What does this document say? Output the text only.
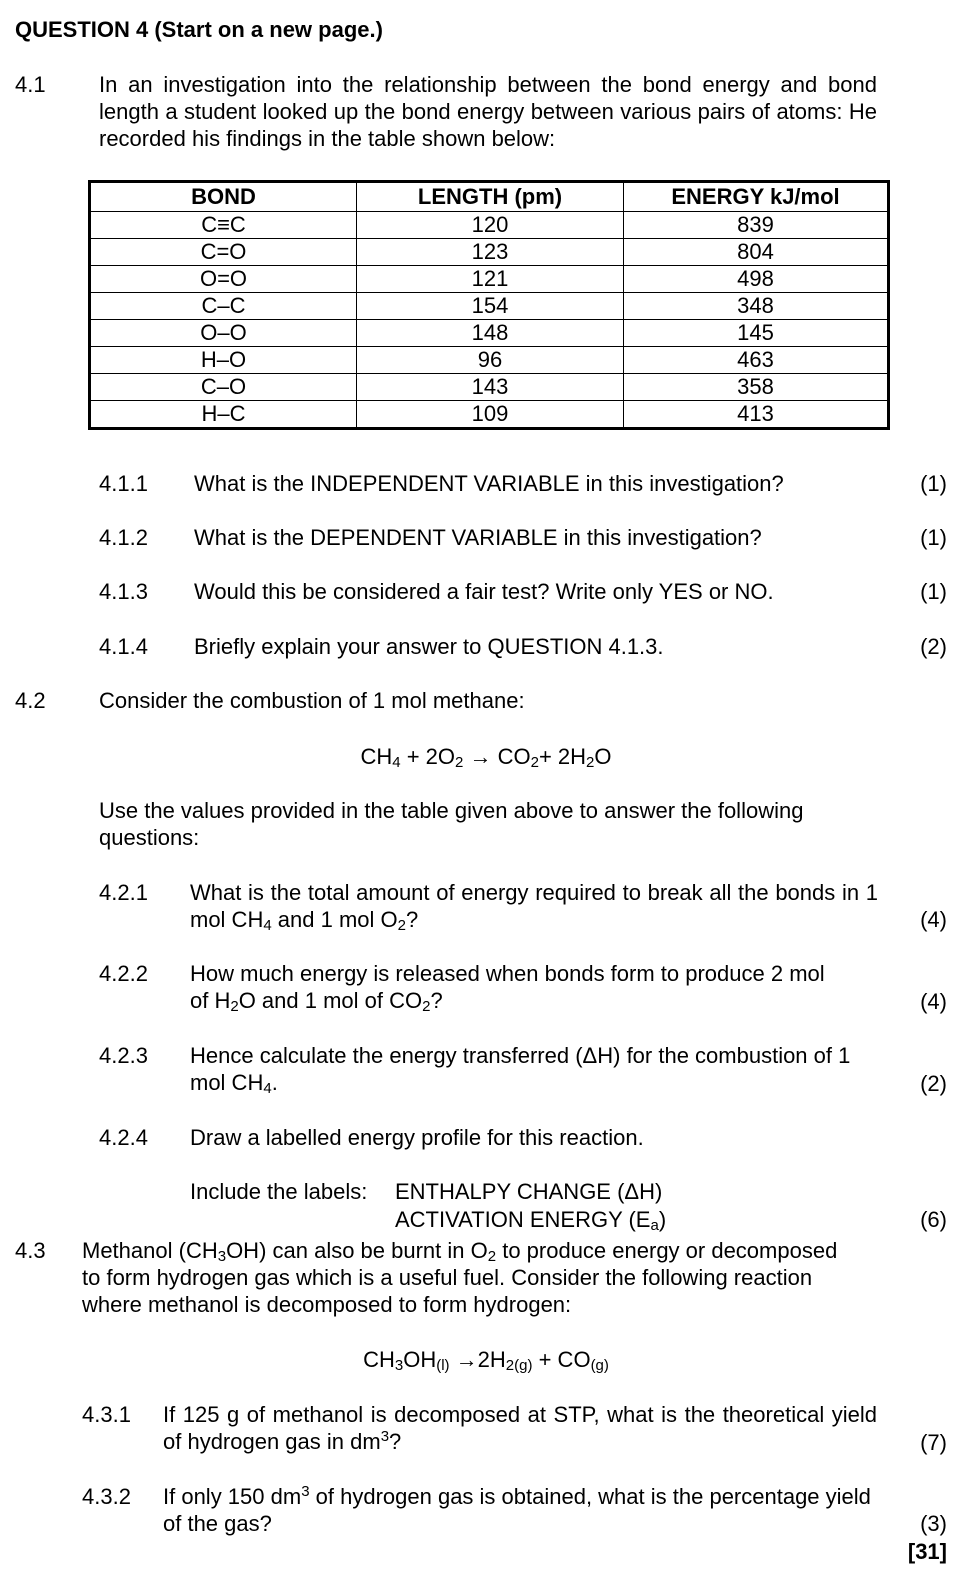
QUESTION 4 (Start on a new page.)
4.1 In an investigation into the relationship between the bond energy and bond length a student looked up the bond energy between various pairs of atoms: He recorded his findings in the table shown below:
BOND	LENGTH (pm)	ENERGY kJ/mol
C≡C	120	839
C=O	123	804
O=O	121	498
C–C	154	348
O–O	148	145
H–O	96	463
C–O	143	358
H–C	109	413
4.1.1 What is the INDEPENDENT VARIABLE in this investigation?	(1)
4.1.2 What is the DEPENDENT VARIABLE in this investigation?	(1)
4.1.3 Would this be considered a fair test? Write only YES or NO.	(1)
4.1.4 Briefly explain your answer to QUESTION 4.1.3.	(2)
4.2 Consider the combustion of 1 mol methane:
$CH_4 + 2O_2 \to CO_2+ 2H_2O$
Use the values provided in the table given above to answer the following questions:
4.2.1 What is the total amount of energy required to break all the bonds in 1 mol $CH_4$ and 1 mol $O_2$?	(4)
4.2.2 How much energy is released when bonds form to produce 2 mol of $H_2O$ and 1 mol of $CO_2$?	(4)
4.2.3 Hence calculate the energy transferred (ΔH) for the combustion of 1 mol $CH_4$.	(2)
4.2.4 Draw a labelled energy profile for this reaction.
Include the labels: ENTHALPY CHANGE (ΔH)
ACTIVATION ENERGY $(E_a)$	(6)
4.3 Methanol $(CH_3OH)$ can also be burnt in $O_2$ to produce energy or decomposed to form hydrogen gas which is a useful fuel. Consider the following reaction where methanol is decomposed to form hydrogen:
$CH_3OH_{(l)} \to 2H_{2(g)} + CO_{(g)}$
4.3.1 If 125 g of methanol is decomposed at STP, what is the theoretical yield of hydrogen gas in $dm^3$?	(7)
4.3.2 If only 150 $dm^3$ of hydrogen gas is obtained, what is the percentage yield of the gas?	(3)
[31]
